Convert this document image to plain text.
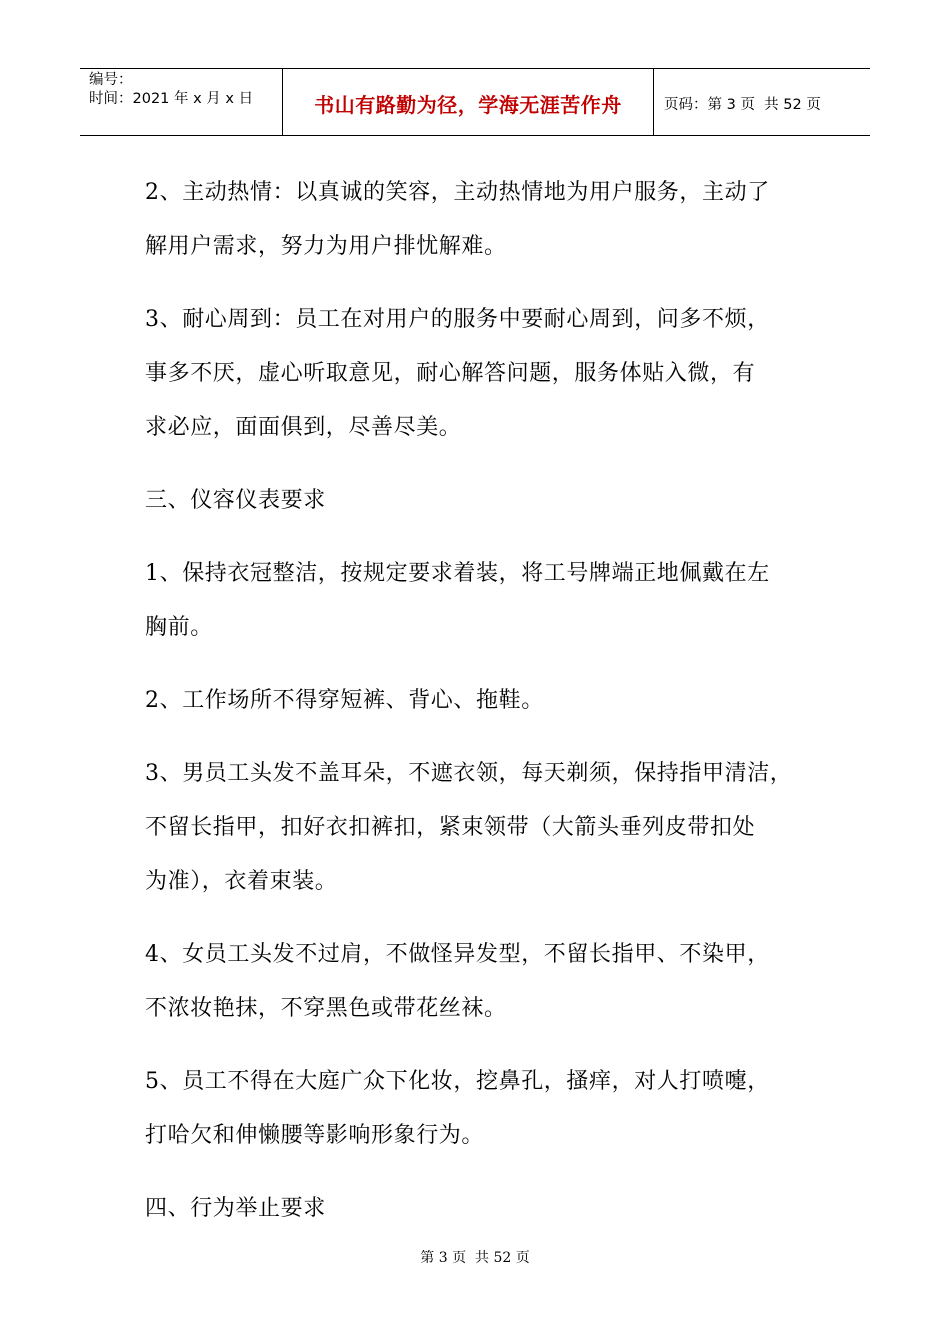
编号：
时间：2021 年 x 月 x 日	书山有路勤为径，学海无涯苦作舟	页码：第 3 页  共 52 页
2、主动热情：以真诚的笑容，主动热情地为用户服务，主动了
解用户需求，努力为用户排忧解难。
3、耐心周到：员工在对用户的服务中要耐心周到，问多不烦，
事多不厌，虚心听取意见，耐心解答问题，服务体贴入微，有
求必应，面面俱到，尽善尽美。
三、仪容仪表要求
1、保持衣冠整洁，按规定要求着装，将工号牌端正地佩戴在左
胸前。
2、工作场所不得穿短裤、背心、拖鞋。
3、男员工头发不盖耳朵，不遮衣领，每天剃须，保持指甲清洁，
不留长指甲，扣好衣扣裤扣，紧束领带（大箭头垂列皮带扣处
为准），衣着束装。
4、女员工头发不过肩，不做怪异发型，不留长指甲、不染甲，
不浓妆艳抹，不穿黑色或带花丝袜。
5、员工不得在大庭广众下化妆，挖鼻孔，搔痒，对人打喷嚏，
打哈欠和伸懒腰等影响形象行为。
四、行为举止要求
第 3 页  共 52 页
